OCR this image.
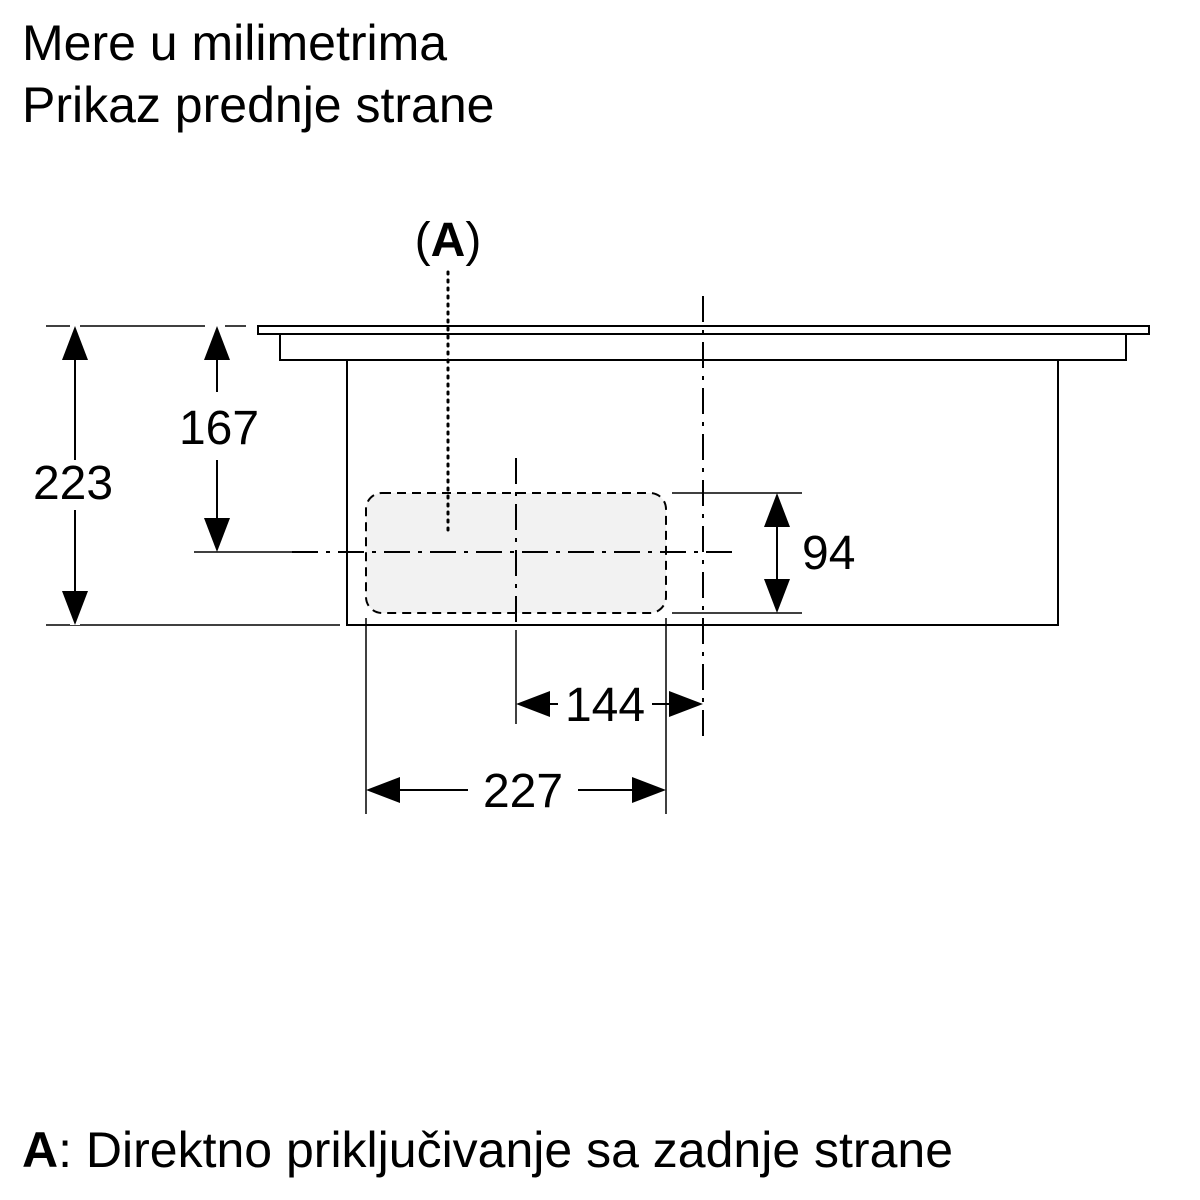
Mere u milimetrima
Prikaz prednje strane
(A)
223
167
94
144
227
A: Direktno priključivanje sa zadnje strane
